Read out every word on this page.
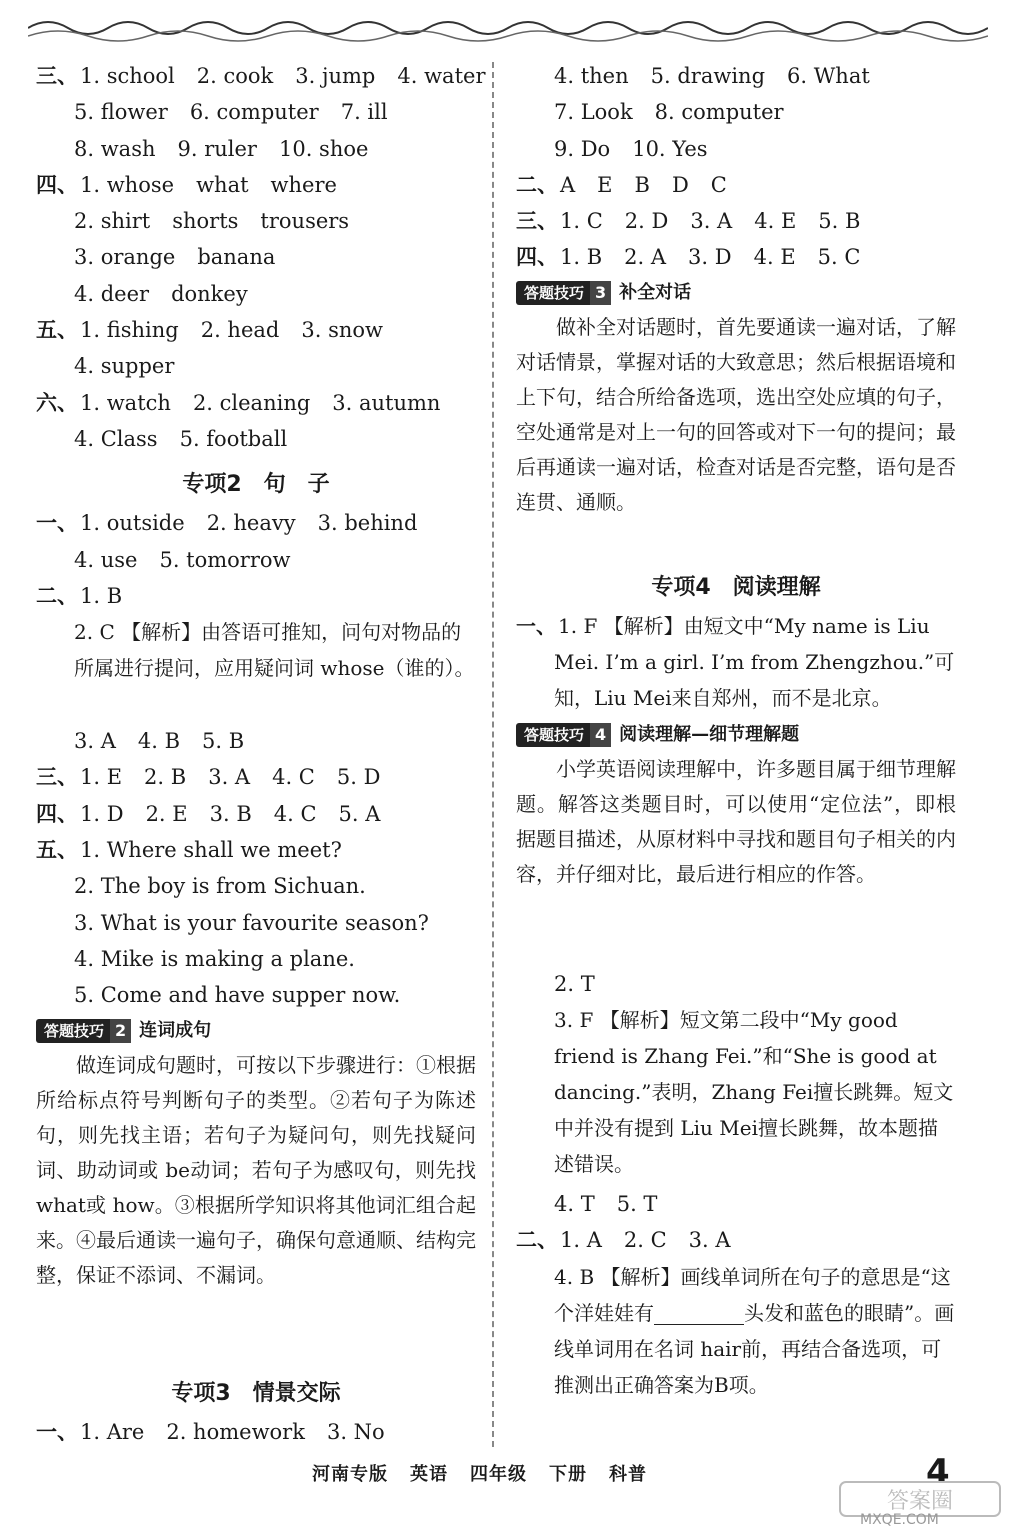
三、1. school 2. cook 3. jump 4. water
5. flower 6. computer 7. ill
8. wash 9. ruler 10. shoe
四、1. whose what where
2. shirt shorts trousers
3. orange banana
4. deer donkey
五、1. fishing 2. head 3. snow
4. supper
六、1. watch 2. cleaning 3. autumn
4. Class 5. football
专项2　句　子
一、1. outside 2. heavy 3. behind
4. use 5. tomorrow
二、1. B
2. C 【解析】由答语可推知，问句对物品的所属进行提问，应用疑问词 whose（谁的）。
3. A 4. B 5. B
三、1. E 2. B 3. A 4. C 5. D
四、1. D 2. E 3. B 4. C 5. A
五、1. Where shall we meet?
2. The boy is from Sichuan.
3. What is your favourite season?
4. Mike is making a plane.
5. Come and have supper now.
答题技巧 2 连词成句
做连词成句题时，可按以下步骤进行：①根据所给标点符号判断句子的类型。②若句子为陈述句，则先找主语；若句子为疑问句，则先找疑问词、助动词或 be动词；若句子为感叹句，则先找 what或 how。③根据所学知识将其他词汇组合起来。④最后通读一遍句子，确保句意通顺、结构完整，保证不添词、不漏词。
专项3　情景交际
一、1. Are 2. homework 3. No
4. then 5. drawing 6. What
7. Look 8. computer
9. Do 10. Yes
二、A E B D C
三、1. C 2. D 3. A 4. E 5. B
四、1. B 2. A 3. D 4. E 5. C
答题技巧 3 补全对话
做补全对话题时，首先要通读一遍对话，了解对话情景，掌握对话的大致意思；然后根据语境和上下句，结合所给备选项，选出空处应填的句子，空处通常是对上一句的回答或对下一句的提问；最后再通读一遍对话，检查对话是否完整，语句是否连贯、通顺。
专项4　阅读理解
一、 1. F 【解析】由短文中“My name is Liu Mei. I’m a girl. I’m from Zhengzhou.”可知，Liu Mei来自郑州，而不是北京。
答题技巧 4 阅读理解—细节理解题
小学英语阅读理解中，许多题目属于细节理解题。解答这类题目时，可以使用“定位法”，即根据题目描述，从原材料中寻找和题目句子相关的内容，并仔细对比，最后进行相应的作答。
2. T
3. F 【解析】短文第二段中“My good friend is Zhang Fei.”和“She is good at dancing.”表明，Zhang Fei擅长跳舞。短文中并没有提到 Liu Mei擅长跳舞，故本题描述错误。
4. T 5. T
二、1. A 2. C 3. A
4. B 【解析】画线单词所在句子的意思是“这个洋娃娃有	头发和蓝色的眼睛”。画线单词用在名词 hair前，再结合备选项，可推测出正确答案为B项。
河南专版 英语 四年级 下册 科普	4
答案圈
MXQE.COM
